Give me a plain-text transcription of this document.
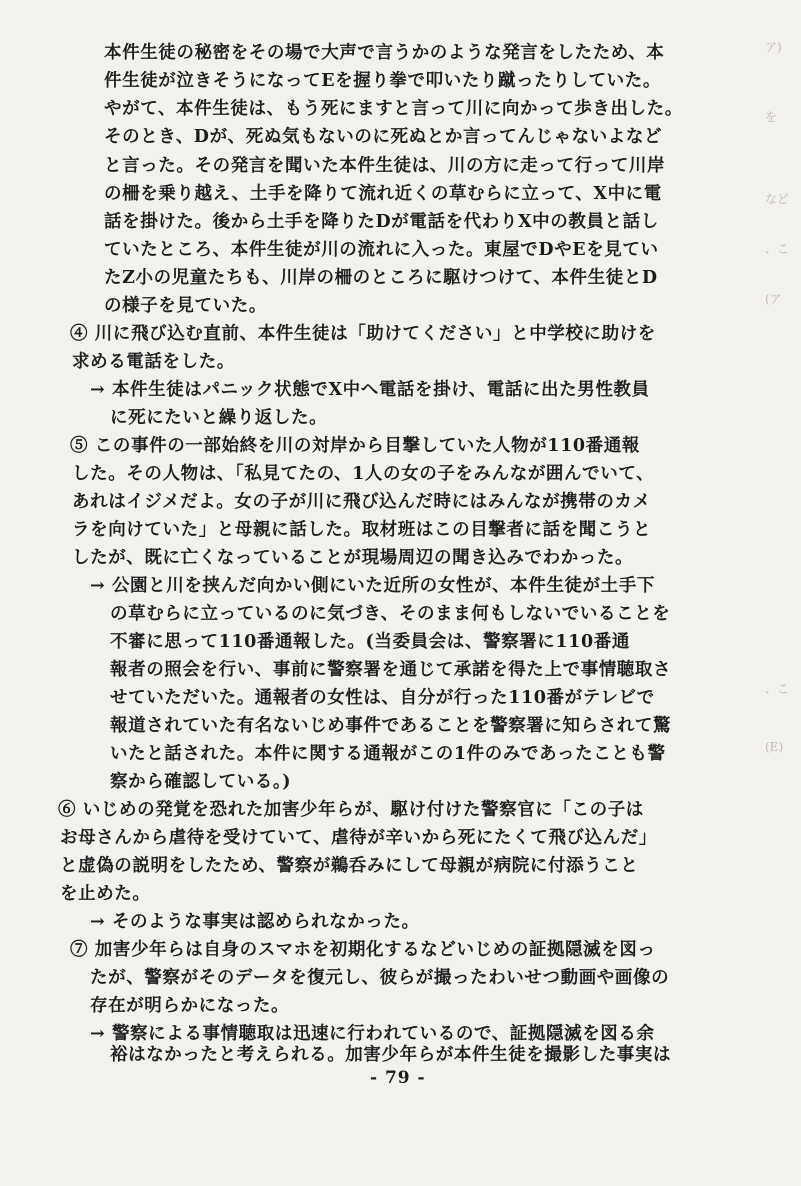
ア)
を
など
、こ
(ア
、こ
(E)
本件生徒の秘密をその場で大声で言うかのような発言をしたため、本
件生徒が泣きそうになってEを握り拳で叩いたり蹴ったりしていた。
やがて、本件生徒は、もう死にますと言って川に向かって歩き出した。
そのとき、Dが、死ぬ気もないのに死ぬとか言ってんじゃないよなど
と言った。その発言を聞いた本件生徒は、川の方に走って行って川岸
の柵を乗り越え、土手を降りて流れ近くの草むらに立って、X中に電
話を掛けた。後から土手を降りたDが電話を代わりX中の教員と話し
ていたところ、本件生徒が川の流れに入った。東屋でDやEを見てい
たZ小の児童たちも、川岸の柵のところに駆けつけて、本件生徒とD
の様子を見ていた。
④ 川に飛び込む直前、本件生徒は「助けてください」と中学校に助けを
求める電話をした。
→ 本件生徒はパニック状態でX中へ電話を掛け、電話に出た男性教員
に死にたいと繰り返した。
⑤ この事件の一部始終を川の対岸から目撃していた人物が110番通報
した。その人物は、「私見てたの、1人の女の子をみんなが囲んでいて、
あれはイジメだよ。女の子が川に飛び込んだ時にはみんなが携帯のカメ
ラを向けていた」と母親に話した。取材班はこの目撃者に話を聞こうと
したが、既に亡くなっていることが現場周辺の聞き込みでわかった。
→ 公園と川を挟んだ向かい側にいた近所の女性が、本件生徒が土手下
の草むらに立っているのに気づき、そのまま何もしないでいることを
不審に思って110番通報した。(当委員会は、警察署に110番通
報者の照会を行い、事前に警察署を通じて承諾を得た上で事情聴取さ
せていただいた。通報者の女性は、自分が行った110番がテレビで
報道されていた有名ないじめ事件であることを警察署に知らされて驚
いたと話された。本件に関する通報がこの1件のみであったことも警
察から確認している。)
⑥ いじめの発覚を恐れた加害少年らが、駆け付けた警察官に「この子は
お母さんから虐待を受けていて、虐待が辛いから死にたくて飛び込んだ」
と虚偽の説明をしたため、警察が鵜呑みにして母親が病院に付添うこと
を止めた。
→ そのような事実は認められなかった。
⑦ 加害少年らは自身のスマホを初期化するなどいじめの証拠隠滅を図っ
たが、警察がそのデータを復元し、彼らが撮ったわいせつ動画や画像の
存在が明らかになった。
→ 警察による事情聴取は迅速に行われているので、証拠隠滅を図る余
裕はなかったと考えられる。加害少年らが本件生徒を撮影した事実は
- 79 -
